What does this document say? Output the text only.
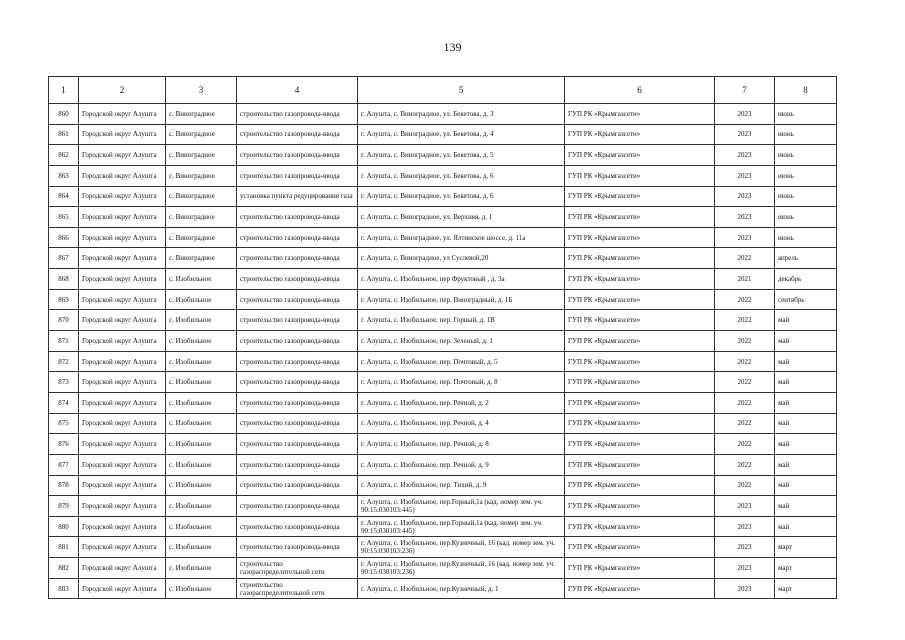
139
1	2	3	4	5	6	7	8
860	Городской округ Алушта	с. Виноградное	строительство газопровода-ввода	г. Алушта, с. Виноградное, ул. Бекетова, д. 3	ГУП РК «Крымгазсети»	2023	июнь
861	Городской округ Алушта	с. Виноградное	строительство газопровода-ввода	г. Алушта, с. Виноградное, ул. Бекетова, д. 4	ГУП РК «Крымгазсети»	2023	июнь
862	Городской округ Алушта	с. Виноградное	строительство газопровода-ввода	г. Алушта, с. Виноградное, ул. Бекетова, д. 5	ГУП РК «Крымгазсети»	2023	июнь
863	Городской округ Алушта	с. Виноградное	строительство газопровода-ввода	г. Алушта, с. Виноградное, ул. Бекетова, д. 6	ГУП РК «Крымгазсети»	2023	июнь
864	Городской округ Алушта	с. Виноградное	установка пункта редуцирования газа	г. Алушта, с. Виноградное, ул. Бекетова, д. 6	ГУП РК «Крымгазсети»	2023	июнь
865	Городской округ Алушта	с. Виноградное	строительство газопровода-ввода	г. Алушта, с. Виноградное, ул. Верхняя, д. 1	ГУП РК «Крымгазсети»	2023	июнь
866	Городской округ Алушта	с. Виноградное	строительство газопровода-ввода	г. Алушта, с. Виноградное, ул. Ялтинское шоссе, д. 11а	ГУП РК «Крымгазсети»	2023	июнь
867	Городской округ Алушта	с. Виноградное	строительство газопровода-ввода	г. Алушта, с. Виноградное, ул Суслевой,20	ГУП РК «Крымгазсети»	2022	апрель
868	Городской округ Алушта	с. Изобильное	строительство газопровода-ввода	г. Алушта, с. Изобильное, пер Фруктовый , д. 3а	ГУП РК «Крымгазсети»	2021	декабрь
869	Городской округ Алушта	с. Изобильное	строительство газопровода-ввода	г. Алушта, с. Изобильное, пер. Виноградный, д. 1Б	ГУП РК «Крымгазсети»	2022	сентябрь
870	Городской округ Алушта	с. Изобильное	строительство газопровода-ввода	г. Алушта, с. Изобильное, пер. Горный, д. 1В	ГУП РК «Крымгазсети»	2022	май
871	Городской округ Алушта	с. Изобильное	строительство газопровода-ввода	г. Алушта, с. Изобильное, пер. Зеленый, д. 1	ГУП РК «Крымгазсети»	2022	май
872	Городской округ Алушта	с. Изобильное	строительство газопровода-ввода	г. Алушта, с. Изобильное, пер. Почтовый, д. 5	ГУП РК «Крымгазсети»	2022	май
873	Городской округ Алушта	с. Изобильное	строительство газопровода-ввода	г. Алушта, с. Изобильное, пер. Почтовый, д. 8	ГУП РК «Крымгазсети»	2022	май
874	Городской округ Алушта	с. Изобильное	строительство газопровода-ввода	г. Алушта, с. Изобильное, пер. Речной, д. 2	ГУП РК «Крымгазсети»	2022	май
875	Городской округ Алушта	с. Изобильное	строительство газопровода-ввода	г. Алушта, с. Изобильное, пер. Речной, д. 4	ГУП РК «Крымгазсети»	2022	май
876	Городской округ Алушта	с. Изобильное	строительство газопровода-ввода	г. Алушта, с. Изобильное, пер. Речной, д. 8	ГУП РК «Крымгазсети»	2022	май
877	Городской округ Алушта	с. Изобильное	строительство газопровода-ввода	г. Алушта, с. Изобильное, пер. Речной, д. 9	ГУП РК «Крымгазсети»	2022	май
878	Городской округ Алушта	с. Изобильное	строительство газопровода-ввода	г. Алушта, с. Изобильное, пер. Тихий, д. 9	ГУП РК «Крымгазсети»	2022	май
879	Городской округ Алушта	с. Изобильное	строительство газопровода-ввода	г. Алушта, с. Изобильное, пер.Горный,1а (кад. номер зем. уч. 90:15:030103:445)	ГУП РК «Крымгазсети»	2023	май
880	Городской округ Алушта	с. Изобильное	строительство газопровода-ввода	г. Алушта, с. Изобильное, пер.Горный,1а (кад. номер зем. уч. 90:15:030103:445)	ГУП РК «Крымгазсети»	2023	май
881	Городской округ Алушта	с. Изобильное	строительство газопровода-ввода	г. Алушта, с. Изобильное, пер.Кузнечный, 16 (кад. номер зем. уч. 90:15:030103:236)	ГУП РК «Крымгазсети»	2023	март
882	Городской округ Алушта	с. Изобильное	строительство газораспределительной сети	г. Алушта, с. Изобильное, пер.Кузнечный, 16 (кад. номер зем. уч. 90:15:030103:236)	ГУП РК «Крымгазсети»	2023	март
883	Городской округ Алушта	с. Изобильное	строительство газораспределительной сети	г. Алушта, с. Изобильное, пер.Кузнечный, д. 1	ГУП РК «Крымгазсети»	2023	март
